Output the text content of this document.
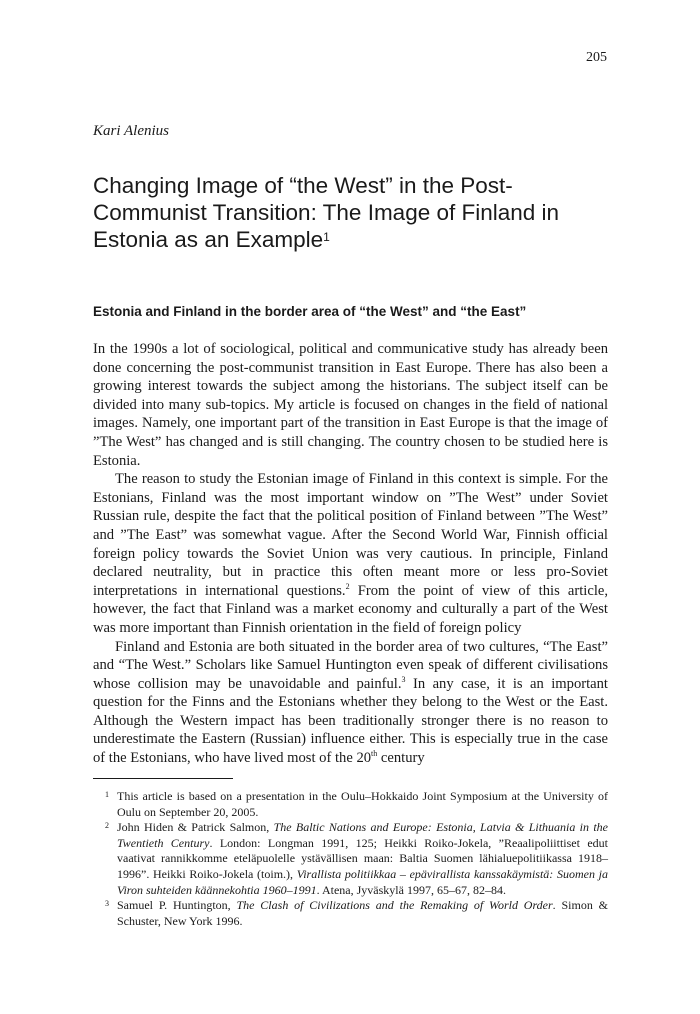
205
Kari Alenius
Changing Image of “the West” in the Post-Communist Transition: The Image of Finland in Estonia as an Example$^1$
Estonia and Finland in the border area of “the West” and “the East”

In the 1990s a lot of sociological, political and communicative study has already been done concerning the post-communist transition in East Europe. There has also been a growing interest towards the subject among the historians. The subject itself can be divided into many sub-topics. My article is focused on changes in the field of national images. Namely, one important part of the transition in East Europe is that the image of ”The West” has changed and is still changing. The country chosen to be studied here is Estonia.

The reason to study the Estonian image of Finland in this context is simple. For the Estonians, Finland was the most important window on ”The West” under Soviet Russian rule, despite the fact that the political position of Finland between ”The West” and ”The East” was somewhat vague. After the Second World War, Finnish official foreign policy towards the Soviet Union was very cautious. In principle, Finland declared neutrality, but in practice this often meant more or less pro-Soviet interpretations in international questions.$^2$ From the point of view of this article, however, the fact that Finland was a market economy and culturally a part of the West was more important than Finnish orientation in the field of foreign policy

Finland and Estonia are both situated in the border area of two cultures, “The East” and “The West.” Scholars like Samuel Huntington even speak of different civilisations whose collision may be unavoidable and painful.$^3$ In any case, it is an important question for the Finns and the Estonians whether they belong to the West or the East. Although the Western impact has been traditionally stronger there is no reason to underestimate the Eastern (Russian) influence either. This is especially true in the case of the Estonians, who have lived most of the 20th century

1 This article is based on a presentation in the Oulu–Hokkaido Joint Symposium at the University of Oulu on September 20, 2005.
2 John Hiden & Patrick Salmon, The Baltic Nations and Europe: Estonia, Latvia & Lithuania in the Twentieth Century. London: Longman 1991, 125; Heikki Roiko-Jokela, ”Reaalipoliittiset edut vaativat rannikkomme eteläpuolelle ystävällisen maan: Baltia Suomen lähialuepolitiikassa 1918–1996”. Heikki Roiko-Jokela (toim.), Virallista politiikkaa – epävirallista kanssakäymistä: Suomen ja Viron suhteiden käännekohtia 1960–1991. Atena, Jyväskylä 1997, 65–67, 82–84.
3 Samuel P. Huntington, The Clash of Civilizations and the Remaking of World Order. Simon & Schuster, New York 1996.
